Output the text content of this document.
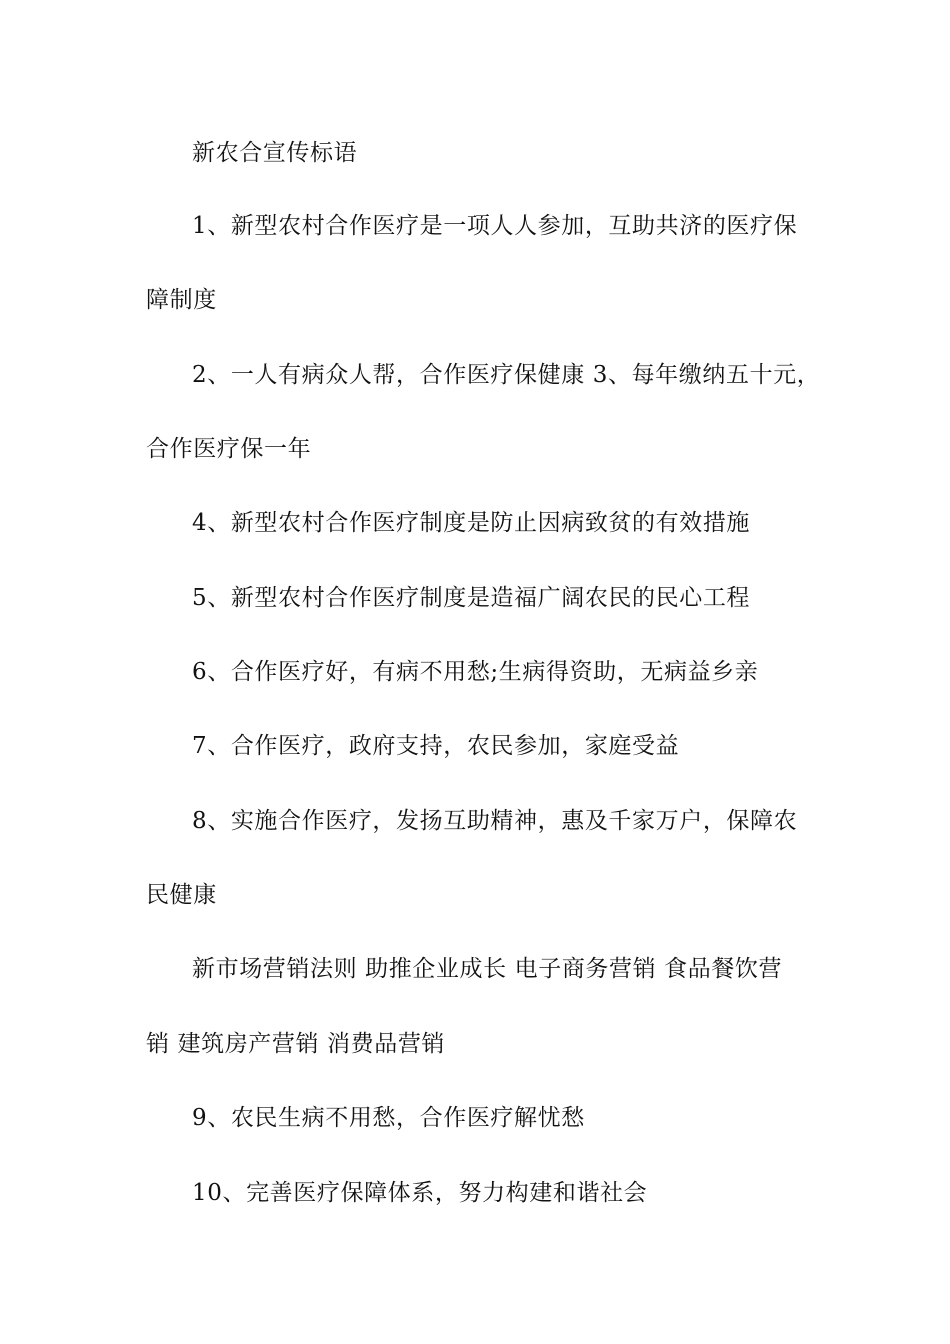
新农合宣传标语
1、新型农村合作医疗是一项人人参加，互助共济的医疗保
障制度
2、一人有病众人帮，合作医疗保健康 3、每年缴纳五十元，
合作医疗保一年
4、新型农村合作医疗制度是防止因病致贫的有效措施
5、新型农村合作医疗制度是造福广阔农民的民心工程
6、合作医疗好，有病不用愁;生病得资助，无病益乡亲
7、合作医疗，政府支持，农民参加，家庭受益
8、实施合作医疗，发扬互助精神，惠及千家万户，保障农
民健康
新市场营销法则 助推企业成长 电子商务营销 食品餐饮营
销 建筑房产营销 消费品营销
9、农民生病不用愁，合作医疗解忧愁
10、完善医疗保障体系，努力构建和谐社会
